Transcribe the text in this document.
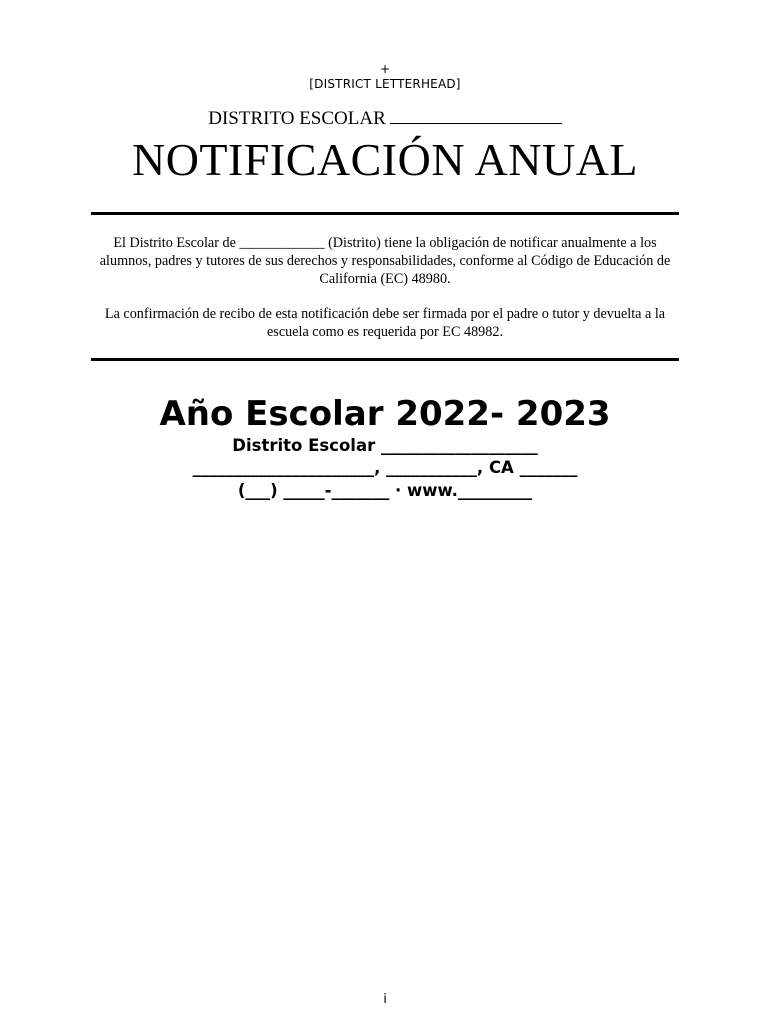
+
[DISTRICT LETTERHEAD]
DISTRITO ESCOLAR
NOTIFICACIÓN ANUAL
El Distrito Escolar de ____________ (Distrito) tiene la obligación de notificar anualmente a los alumnos, padres y tutores de sus derechos y responsabilidades, conforme al Código de Educación de California (EC) 48980.
La confirmación de recibo de esta notificación debe ser firmada por el padre o tutor y devuelta a la escuela como es requerida por EC 48982.
Año Escolar 2022- 2023
Distrito Escolar ___________________
______________________, ___________, CA _______
(___) _____-_______ · www._________
i
